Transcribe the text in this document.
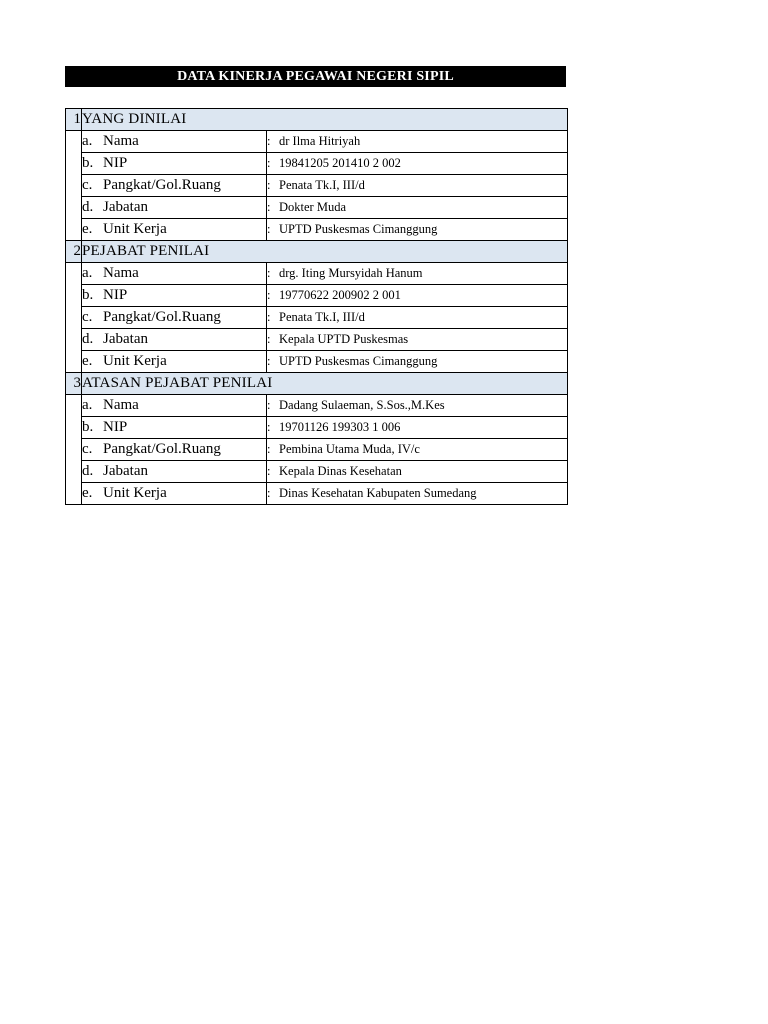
DATA KINERJA PEGAWAI NEGERI SIPIL
1	YANG DINILAI	
	a. Nama	: dr Ilma Hitriyah
	b. NIP	: 19841205 201410 2 002
	c. Pangkat/Gol.Ruang	: Penata Tk.I, III/d
	d. Jabatan	: Dokter Muda
	e. Unit Kerja	: UPTD Puskesmas Cimanggung
2	PEJABAT PENILAI	
	a. Nama	: drg. Iting Mursyidah Hanum
	b. NIP	: 19770622 200902 2 001
	c. Pangkat/Gol.Ruang	: Penata Tk.I, III/d
	d. Jabatan	: Kepala UPTD Puskesmas
	e. Unit Kerja	: UPTD Puskesmas Cimanggung
3	ATASAN PEJABAT PENILAI	
	a. Nama	: Dadang Sulaeman, S.Sos.,M.Kes
	b. NIP	: 19701126 199303 1 006
	c. Pangkat/Gol.Ruang	: Pembina Utama Muda, IV/c
	d. Jabatan	: Kepala Dinas Kesehatan
	e. Unit Kerja	: Dinas Kesehatan Kabupaten Sumedang
